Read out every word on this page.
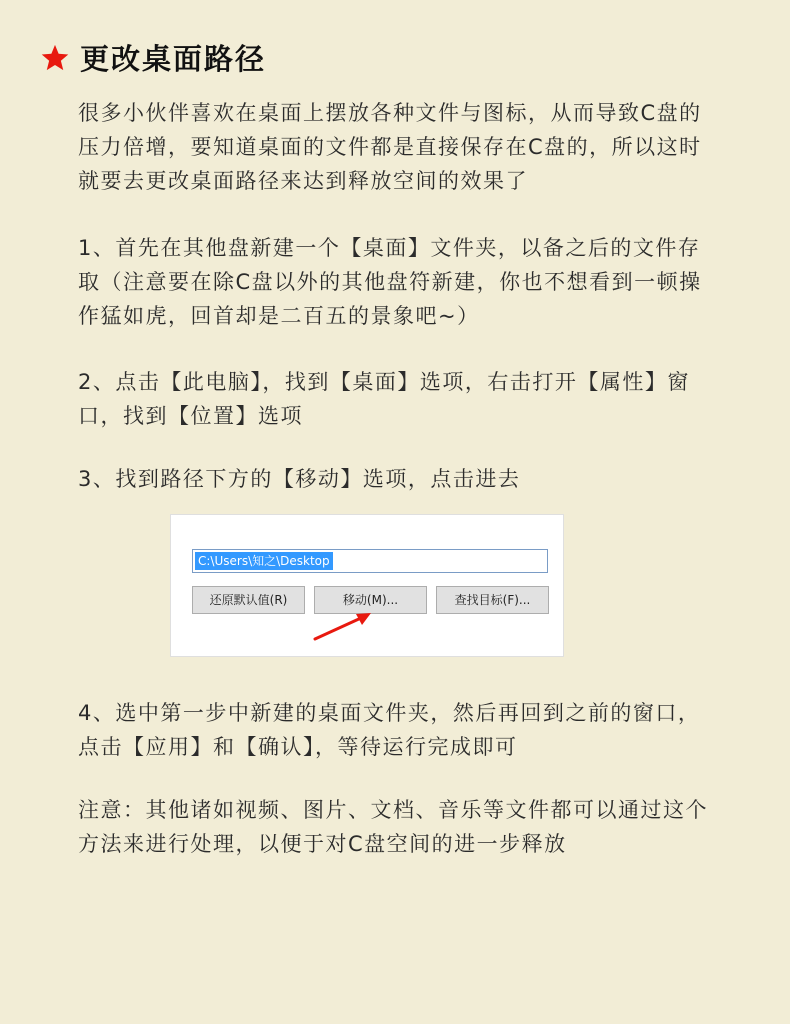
更改桌面路径
很多小伙伴喜欢在桌面上摆放各种文件与图标，从而导致C盘的
压力倍增，要知道桌面的文件都是直接保存在C盘的，所以这时
就要去更改桌面路径来达到释放空间的效果了
1、首先在其他盘新建一个【桌面】文件夹，以备之后的文件存
取（注意要在除C盘以外的其他盘符新建，你也不想看到一顿操
作猛如虎，回首却是二百五的景象吧~）
2、点击【此电脑】，找到【桌面】选项，右击打开【属性】窗
口，找到【位置】选项
3、找到路径下方的【移动】选项，点击进去
C:\Users\知之\Desktop
还原默认值(R)	移动(M)...	查找目标(F)...
4、选中第一步中新建的桌面文件夹，然后再回到之前的窗口，
点击【应用】和【确认】，等待运行完成即可
注意：其他诸如视频、图片、文档、音乐等文件都可以通过这个
方法来进行处理，以便于对C盘空间的进一步释放
